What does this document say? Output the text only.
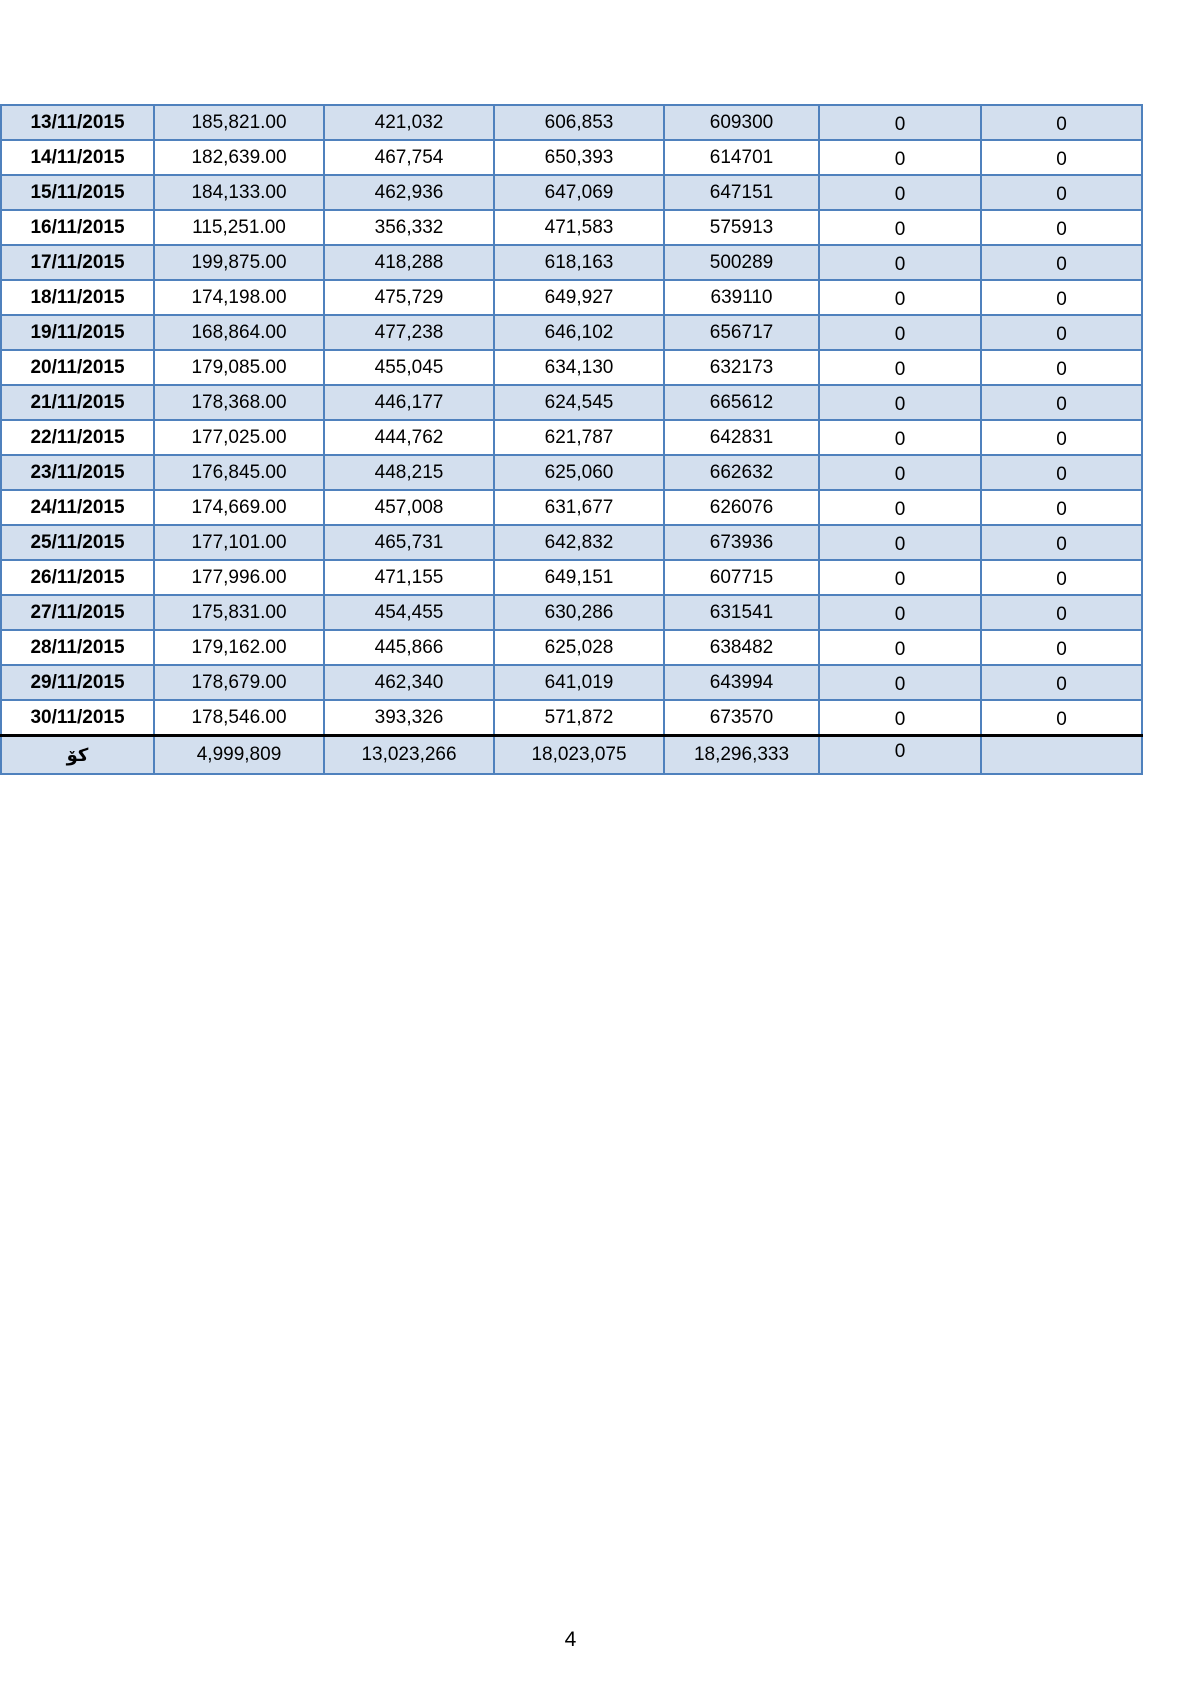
13/11/2015	185,821.00	421,032	606,853	609300	0	0
14/11/2015	182,639.00	467,754	650,393	614701	0	0
15/11/2015	184,133.00	462,936	647,069	647151	0	0
16/11/2015	115,251.00	356,332	471,583	575913	0	0
17/11/2015	199,875.00	418,288	618,163	500289	0	0
18/11/2015	174,198.00	475,729	649,927	639110	0	0
19/11/2015	168,864.00	477,238	646,102	656717	0	0
20/11/2015	179,085.00	455,045	634,130	632173	0	0
21/11/2015	178,368.00	446,177	624,545	665612	0	0
22/11/2015	177,025.00	444,762	621,787	642831	0	0
23/11/2015	176,845.00	448,215	625,060	662632	0	0
24/11/2015	174,669.00	457,008	631,677	626076	0	0
25/11/2015	177,101.00	465,731	642,832	673936	0	0
26/11/2015	177,996.00	471,155	649,151	607715	0	0
27/11/2015	175,831.00	454,455	630,286	631541	0	0
28/11/2015	179,162.00	445,866	625,028	638482	0	0
29/11/2015	178,679.00	462,340	641,019	643994	0	0
30/11/2015	178,546.00	393,326	571,872	673570	0	0
كۆ	4,999,809	13,023,266	18,023,075	18,296,333	0	
4
